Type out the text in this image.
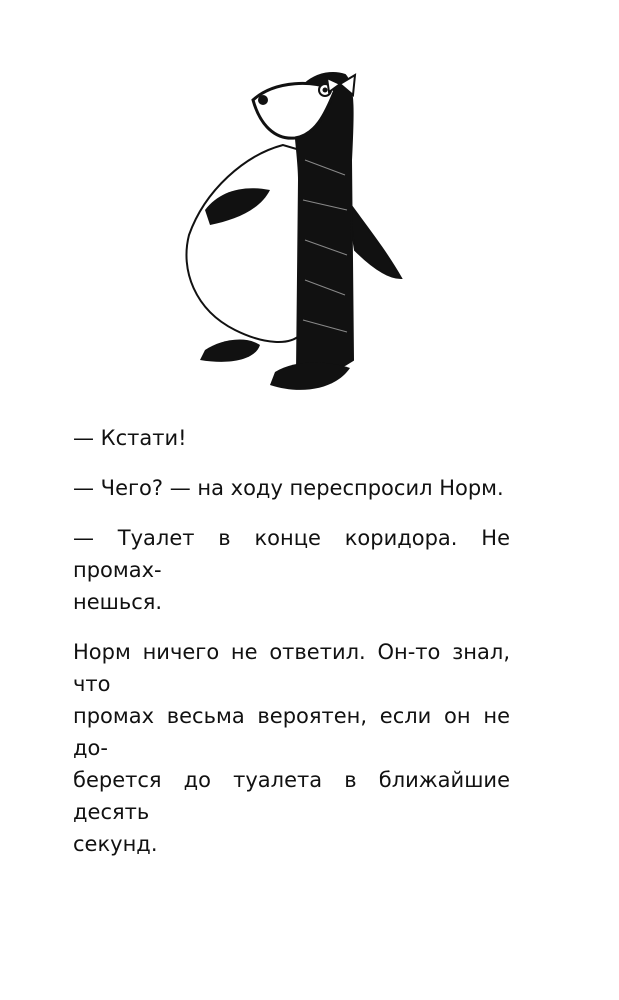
— Кстати!

— Чего? — на ходу переспросил Норм.

— Туалет в конце коридора. Не промах-
нешься.

Норм ничего не ответил. Он-то знал, что
промах весьма вероятен, если он не до-
берется до туалета в ближайшие десять
секунд.
